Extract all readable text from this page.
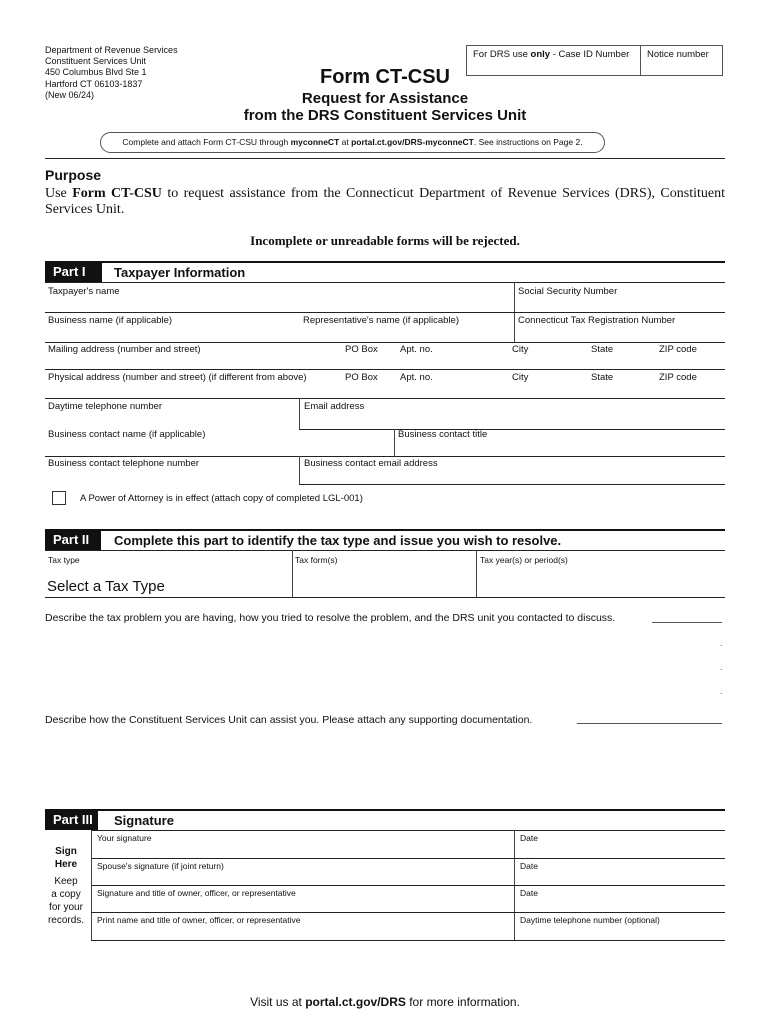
Department of Revenue Services
Constituent Services Unit
450 Columbus Blvd Ste 1
Hartford CT 06103-1837
(New 06/24)
For DRS use only - Case ID Number	Notice number
Form CT-CSU
Request for Assistance
from the DRS Constituent Services Unit
Complete and attach Form CT-CSU through myconneCT at portal.ct.gov/DRS-myconneCT. See instructions on Page 2.
Purpose
Use Form CT-CSU to request assistance from the Connecticut Department of Revenue Services (DRS), Constituent Services Unit.
Incomplete or unreadable forms will be rejected.
Part I	Taxpayer Information
Taxpayer's name	Social Security Number
Business name (if applicable)	Representative's name (if applicable)	Connecticut Tax Registration Number
Mailing address (number and street)	PO Box Apt. no.	City	State	ZIP code
Physical address (number and street) (if different from above)	PO Box Apt. no.	City	State	ZIP code
Daytime telephone number	Email address
Business contact name (if applicable)	Business contact title
Business contact telephone number	Business contact email address
A Power of Attorney is in effect (attach copy of completed LGL-001)
Part II	Complete this part to identify the tax type and issue you wish to resolve.
Tax type	Tax form(s)	Tax year(s) or period(s)
Select a Tax Type
Describe the tax problem you are having, how you tried to resolve the problem, and the DRS unit you contacted to discuss.
.
.
.
Describe how the Constituent Services Unit can assist you. Please attach any supporting documentation.
Part III	Signature
Sign
Here
Keep
a copy
for your
records.
Your signature	Date
Spouse's signature (if joint return)	Date
Signature and title of owner, officer, or representative	Date
Print name and title of owner, officer, or representative	Daytime telephone number (optional)
Visit us at portal.ct.gov/DRS for more information.
